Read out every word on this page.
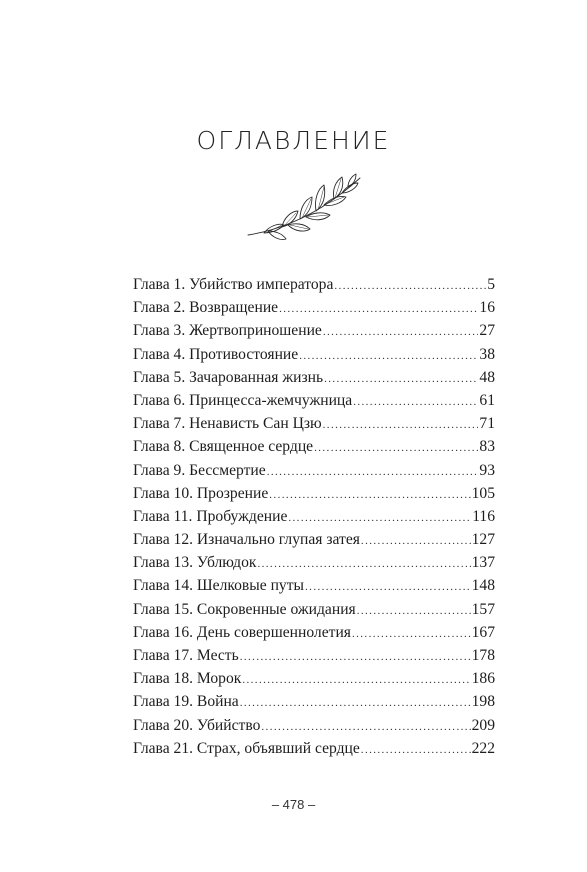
ОГЛАВЛЕНИЕ
Глава 1. Убийство императора .....	5
Глава 2. Возвращение .....	16
Глава 3. Жертвоприношение .....	27
Глава 4. Противостояние .....	38
Глава 5. Зачарованная жизнь .....	48
Глава 6. Принцесса-жемчужница .....	61
Глава 7. Ненависть Сан Цзю .....	71
Глава 8. Священное сердце .....	83
Глава 9. Бессмертие .....	93
Глава 10. Прозрение .....	105
Глава 11. Пробуждение .....	116
Глава 12. Изначально глупая затея .....	127
Глава 13. Ублюдок .....	137
Глава 14. Шелковые путы .....	148
Глава 15. Сокровенные ожидания .....	157
Глава 16. День совершеннолетия .....	167
Глава 17. Месть .....	178
Глава 18. Морок .....	186
Глава 19. Война .....	198
Глава 20. Убийство .....	209
Глава 21. Страх, объявший сердце .....	222
– 478 –
